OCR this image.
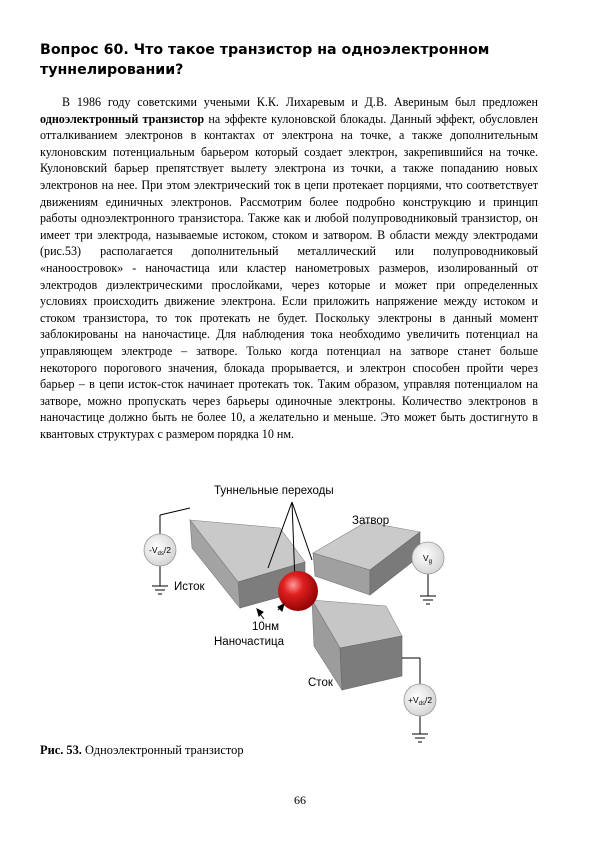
Вопрос 60. Что такое транзистор на одноэлектронном
туннелировании?

В 1986 году советскими учеными К.К. Лихаревым и Д.В. Авериным был предложен одноэлектронный транзистор на эффекте кулоновской блокады. Данный эффект, обусловлен отталкиванием электронов в контактах от электрона на точке, а также дополнительным кулоновским потенциальным барьером который создает электрон, закрепившийся на точке. Кулоновский барьер препятствует вылету электрона из точки, а также попаданию новых электронов на нее. При этом электрический ток в цепи протекает порциями, что соответствует движениям единичных электронов. Рассмотрим более подробно конструкцию и принцип работы одноэлектронного транзистора. Также как и любой полупроводниковый транзистор, он имеет три электрода, называемые истоком, стоком и затвором. В области между электродами (рис.53) располагается дополнительный металлический или полупроводниковый «наноостровок» - наночастица или кластер нанометровых размеров, изолированный от электродов диэлектрическими прослойками, через которые и может при определенных условиях происходить движение электрона. Если приложить напряжение между истоком и стоком транзистора, то ток протекать не будет. Поскольку электроны в данный момент заблокированы на наночастице. Для наблюдения тока необходимо увеличить потенциал на управляющем электроде – затворе. Только когда потенциал на затворе станет больше некоторого порогового значения, блокада прорывается, и электрон способен пройти через барьер – в цепи исток-сток начинает протекать ток. Таким образом, управляя потенциалом на затворе, можно пропускать через барьеры одиночные электроны. Количество электронов в наночастице должно быть не более 10, а желательно и меньше. Это может быть достигнуто в квантовых структурах с размером порядка 10 нм.

Туннельные переходы
Затвор
Исток
10нм
Наночастица
Сток
$-V_{ds}/2$
$V_g$
$+V_{ds}/2$

Рис. 53. Одноэлектронный транзистор

66
